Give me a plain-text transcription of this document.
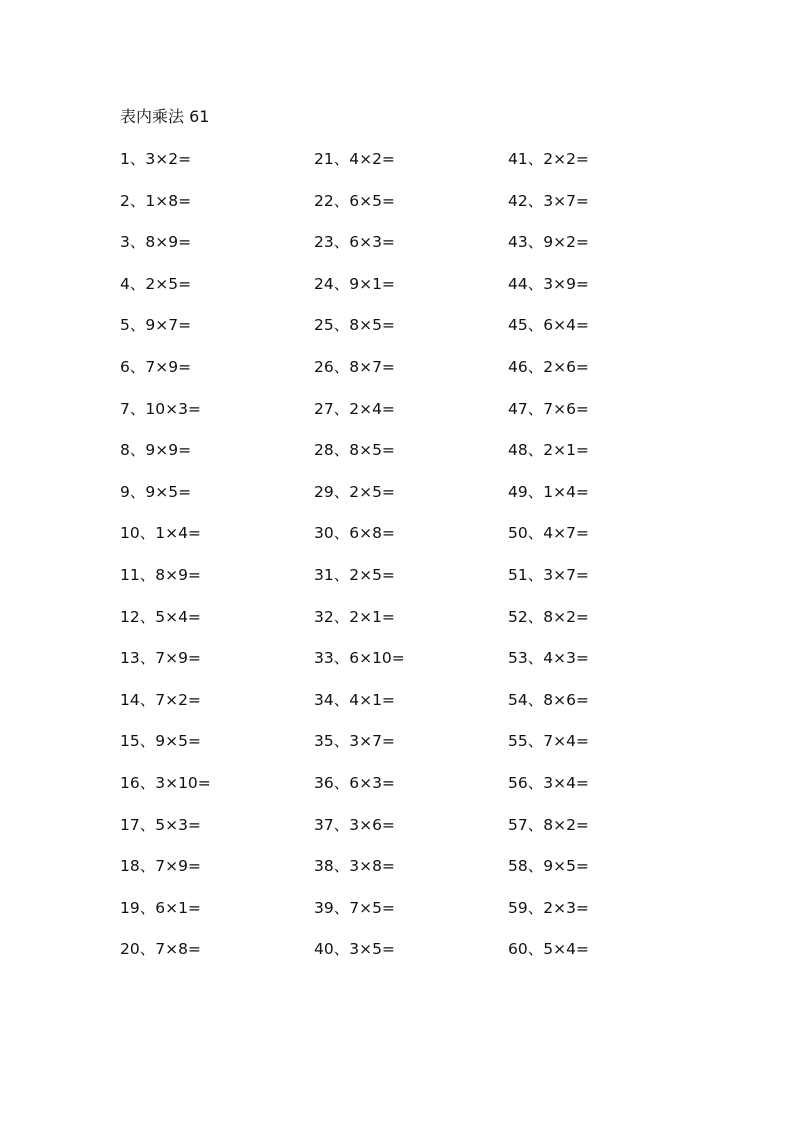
表内乘法 61
1、3×2=
2、1×8=
3、8×9=
4、2×5=
5、9×7=
6、7×9=
7、10×3=
8、9×9=
9、9×5=
10、1×4=
11、8×9=
12、5×4=
13、7×9=
14、7×2=
15、9×5=
16、3×10=
17、5×3=
18、7×9=
19、6×1=
20、7×8=
21、4×2=
22、6×5=
23、6×3=
24、9×1=
25、8×5=
26、8×7=
27、2×4=
28、8×5=
29、2×5=
30、6×8=
31、2×5=
32、2×1=
33、6×10=
34、4×1=
35、3×7=
36、6×3=
37、3×6=
38、3×8=
39、7×5=
40、3×5=
41、2×2=
42、3×7=
43、9×2=
44、3×9=
45、6×4=
46、2×6=
47、7×6=
48、2×1=
49、1×4=
50、4×7=
51、3×7=
52、8×2=
53、4×3=
54、8×6=
55、7×4=
56、3×4=
57、8×2=
58、9×5=
59、2×3=
60、5×4=
